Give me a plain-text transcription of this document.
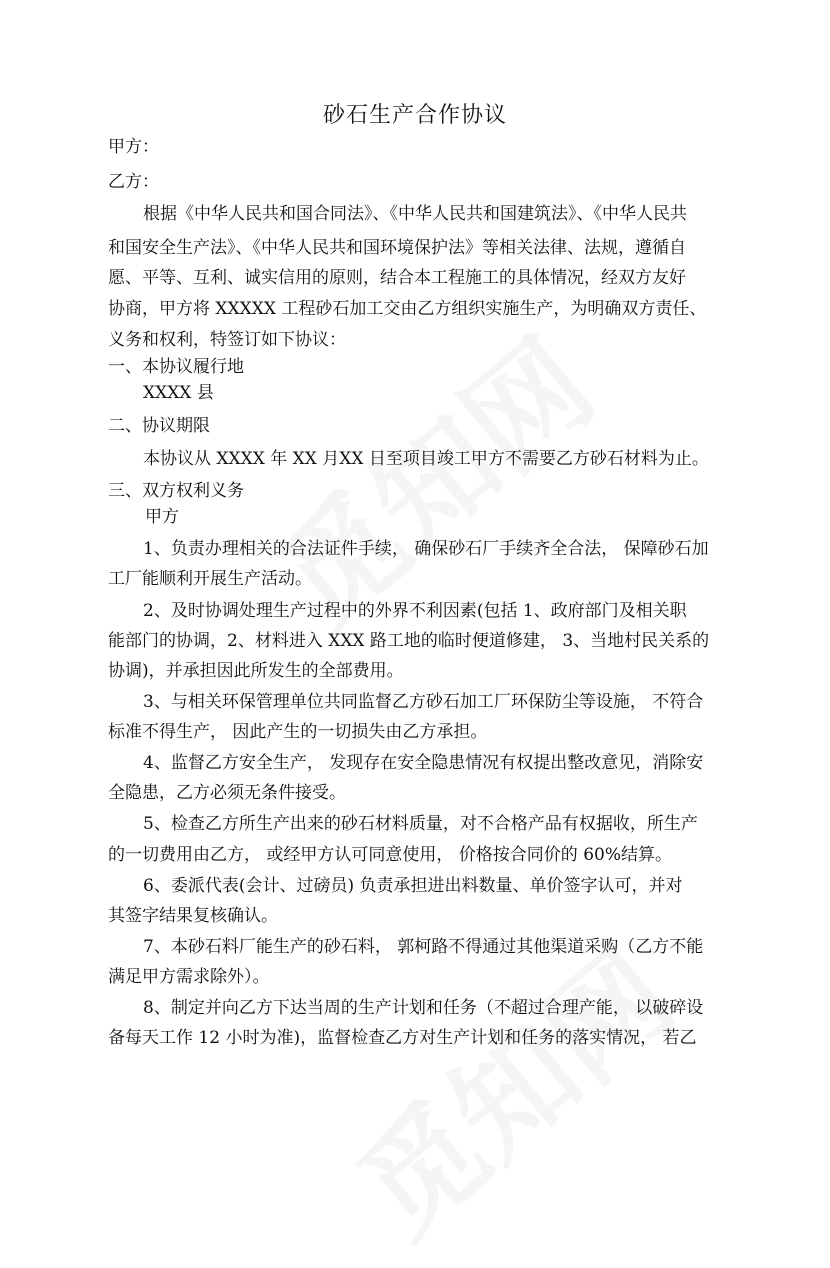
砂石生产合作协议
甲方：
乙方：
根据《中华人民共和国合同法》、《中华人民共和国建筑法》、《中华人民共
和国安全生产法》、《中华人民共和国环境保护法》等相关法律、法规，遵循自
愿、平等、互利、诚实信用的原则，结合本工程施工的具体情况，经双方友好
协商，甲方将 XXXXX 工程砂石加工交由乙方组织实施生产，为明确双方责任、
义务和权利，特签订如下协议：
一、本协议履行地
XXXX 县
二、协议期限
本协议从 XXXX 年 XX 月XX 日至项目竣工甲方不需要乙方砂石材料为止。
三、双方权利义务
甲方
1、负责办理相关的合法证件手续， 确保砂石厂手续齐全合法， 保障砂石加
工厂能顺利开展生产活动。
2、及时协调处理生产过程中的外界不利因素(包括 1、政府部门及相关职
能部门的协调，2、材料进入 XXX 路工地的临时便道修建， 3、当地村民关系的
协调)，并承担因此所发生的全部费用。
3、与相关环保管理单位共同监督乙方砂石加工厂环保防尘等设施， 不符合
标准不得生产， 因此产生的一切损失由乙方承担。
4、监督乙方安全生产， 发现存在安全隐患情况有权提出整改意见，消除安
全隐患，乙方必须无条件接受。
5、检查乙方所生产出来的砂石材料质量，对不合格产品有权据收，所生产
的一切费用由乙方， 或经甲方认可同意使用， 价格按合同价的 60%结算。
6、委派代表(会计、过磅员) 负责承担进出料数量、单价签字认可，并对
其签字结果复核确认。
7、本砂石料厂能生产的砂石料， 郭柯路不得通过其他渠道采购（乙方不能
满足甲方需求除外）。
8、制定并向乙方下达当周的生产计划和任务（不超过合理产能， 以破碎设
备每天工作 12 小时为准)，监督检查乙方对生产计划和任务的落实情况， 若乙
